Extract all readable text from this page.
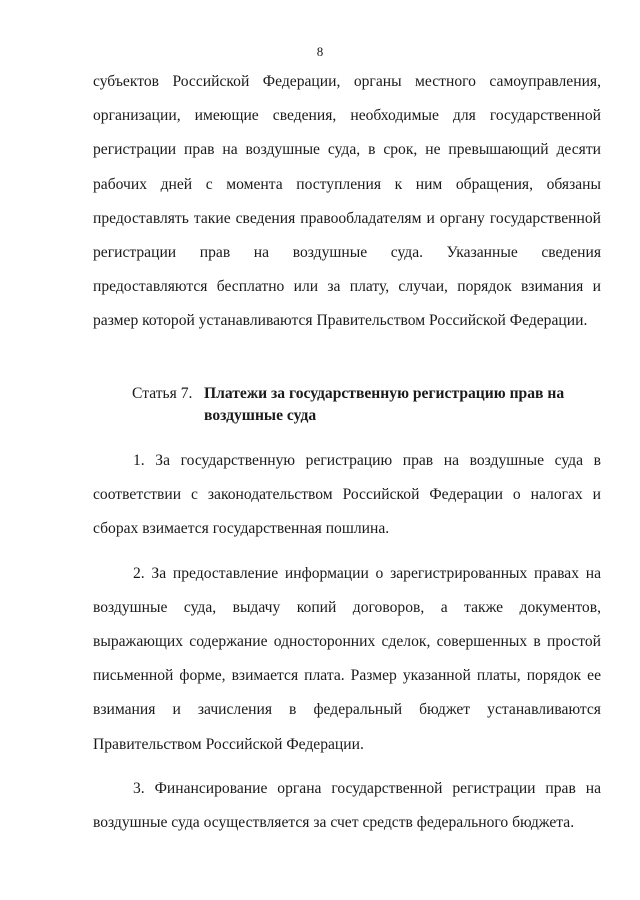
8

субъектов Российской Федерации, органы местного самоуправления, организации, имеющие сведения, необходимые для государственной регистрации прав на воздушные суда, в срок, не превышающий десяти рабочих дней с момента поступления к ним обращения, обязаны предоставлять такие сведения правообладателям и органу государственной регистрации прав на воздушные суда. Указанные сведения предоставляются бесплатно или за плату, случаи, порядок взимания и размер которой устанавливаются Правительством Российской Федерации.

Статья 7. Платежи за государственную регистрацию прав на воздушные суда

1. За государственную регистрацию прав на воздушные суда в соответствии с законодательством Российской Федерации о налогах и сборах взимается государственная пошлина.

2. За предоставление информации о зарегистрированных правах на воздушные суда, выдачу копий договоров, а также документов, выражающих содержание односторонних сделок, совершенных в простой письменной форме, взимается плата. Размер указанной платы, порядок ее взимания и зачисления в федеральный бюджет устанавливаются Правительством Российской Федерации.

3. Финансирование органа государственной регистрации прав на воздушные суда осуществляется за счет средств федерального бюджета.
